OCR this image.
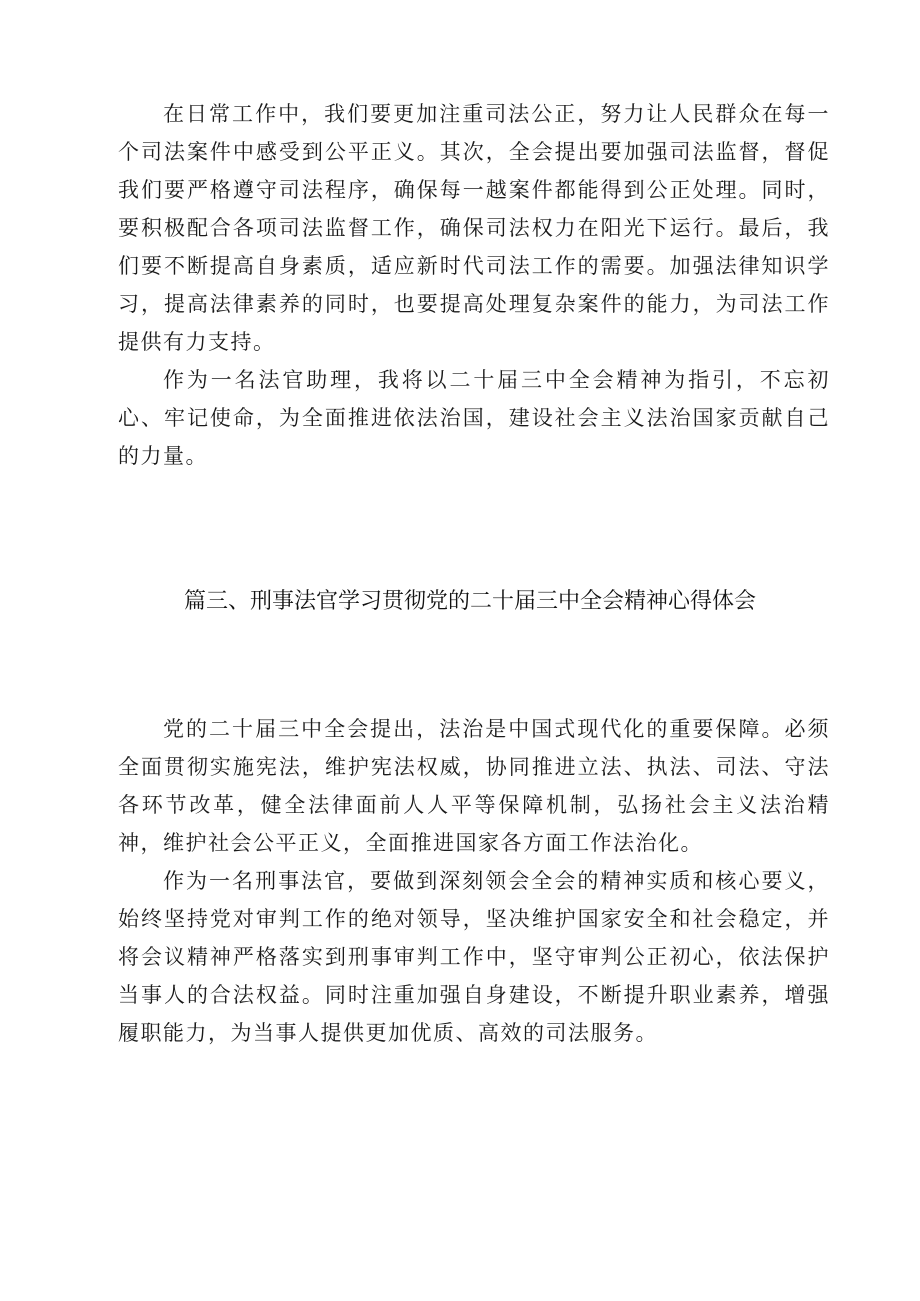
在日常工作中，我们要更加注重司法公正，努力让人民群众在每一个司法案件中感受到公平正义。其次，全会提出要加强司法监督，督促我们要严格遵守司法程序，确保每一越案件都能得到公正处理。同时，要积极配合各项司法监督工作，确保司法权力在阳光下运行。最后，我们要不断提高自身素质，适应新时代司法工作的需要。加强法律知识学习，提高法律素养的同时，也要提高处理复杂案件的能力，为司法工作提供有力支持。

作为一名法官助理，我将以二十届三中全会精神为指引，不忘初心、牢记使命，为全面推进依法治国，建设社会主义法治国家贡献自己的力量。

篇三、刑事法官学习贯彻党的二十届三中全会精神心得体会

党的二十届三中全会提出，法治是中国式现代化的重要保障。必须全面贯彻实施宪法，维护宪法权威，协同推进立法、执法、司法、守法各环节改革，健全法律面前人人平等保障机制，弘扬社会主义法治精神，维护社会公平正义，全面推进国家各方面工作法治化。

作为一名刑事法官，要做到深刻领会全会的精神实质和核心要义，始终坚持党对审判工作的绝对领导，坚决维护国家安全和社会稳定，并将会议精神严格落实到刑事审判工作中，坚守审判公正初心，依法保护当事人的合法权益。同时注重加强自身建设，不断提升职业素养，增强履职能力，为当事人提供更加优质、高效的司法服务。
